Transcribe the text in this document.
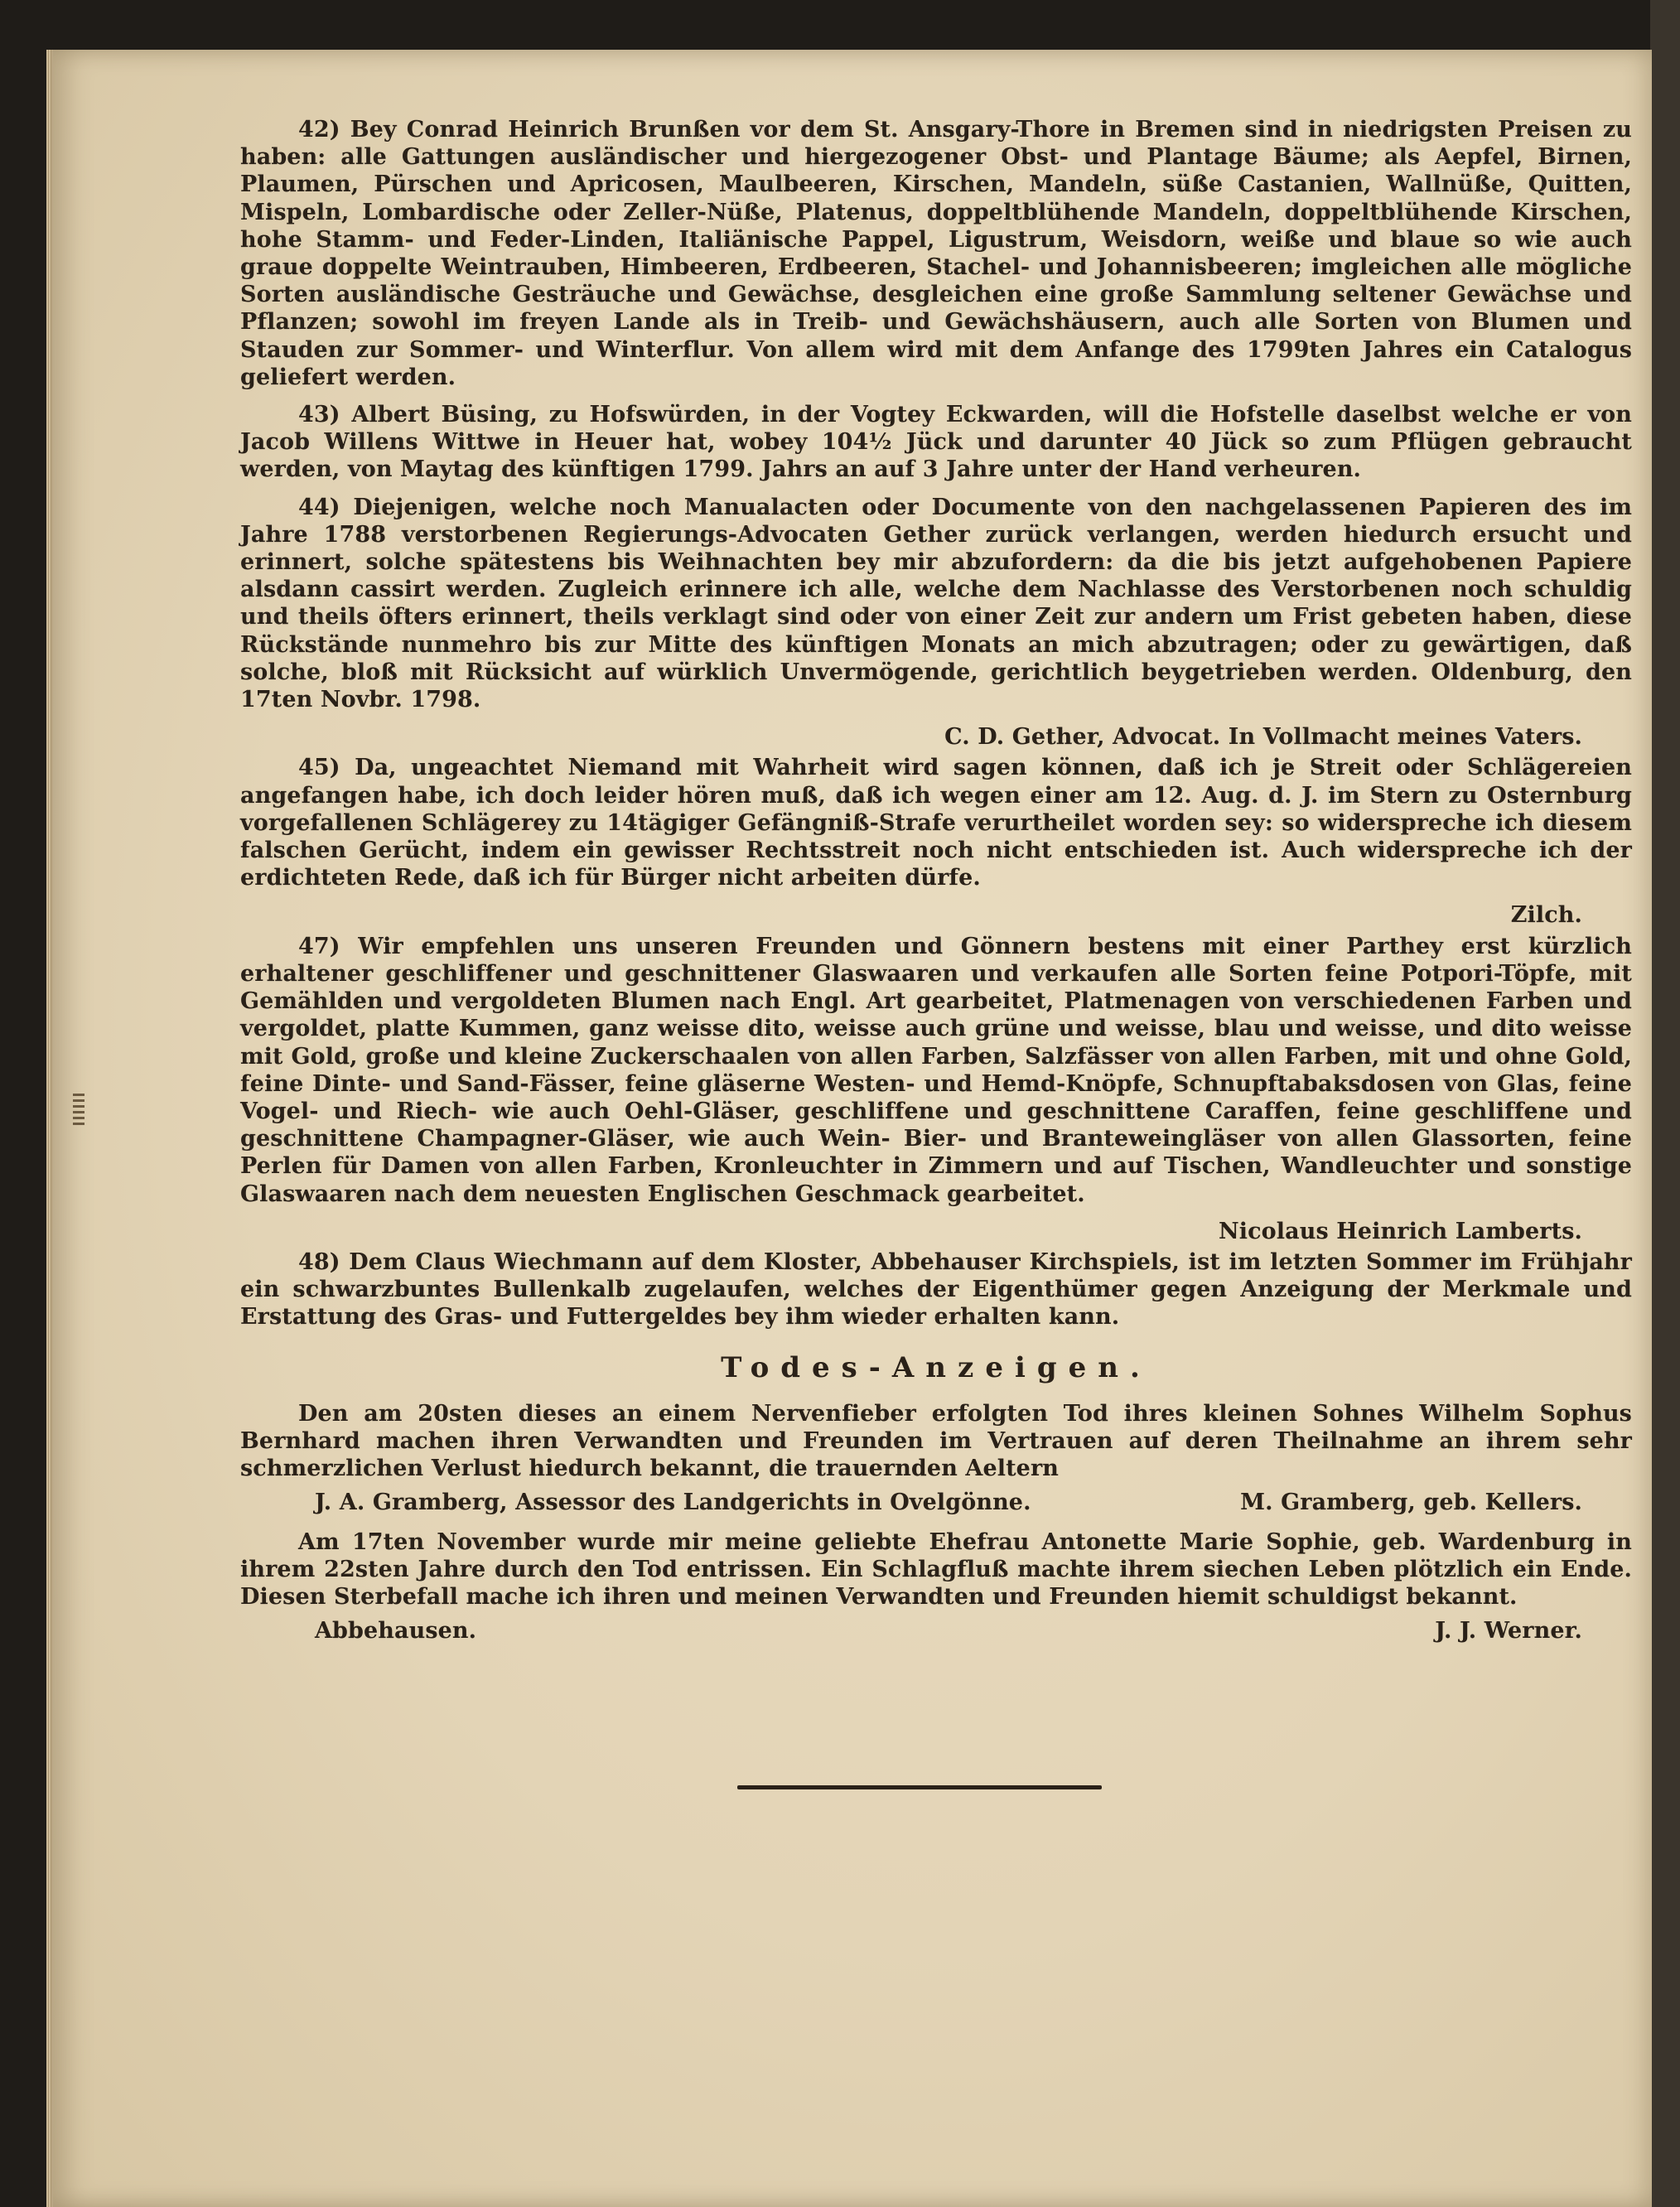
42) Bey Conrad Heinrich Brunßen vor dem St. Ansgary-Thore in Bremen sind in niedrigsten Preisen zu haben: alle Gattungen ausländischer und hiergezogener Obst- und Plantage Bäume; als Aepfel, Birnen, Plaumen, Pürschen und Apricosen, Maulbeeren, Kirschen, Mandeln, süße Castanien, Wallnüße, Quitten, Mispeln, Lombardische oder Zeller-Nüße, Platenus, doppeltblühende Mandeln, doppeltblühende Kirschen, hohe Stamm- und Feder-Linden, Italiänische Pappel, Ligustrum, Weisdorn, weiße und blaue so wie auch graue doppelte Weintrauben, Himbeeren, Erdbeeren, Stachel- und Johannisbeeren; imgleichen alle mögliche Sorten ausländische Gesträuche und Gewächse, desgleichen eine große Sammlung seltener Gewächse und Pflanzen; sowohl im freyen Lande als in Treib- und Gewächshäusern, auch alle Sorten von Blumen und Stauden zur Sommer- und Winterflur. Von allem wird mit dem Anfange des 1799ten Jahres ein Catalogus geliefert werden.

43) Albert Büsing, zu Hofswürden, in der Vogtey Eckwarden, will die Hofstelle daselbst welche er von Jacob Willens Wittwe in Heuer hat, wobey 104½ Jück und darunter 40 Jück so zum Pflügen gebraucht werden, von Maytag des künftigen 1799. Jahrs an auf 3 Jahre unter der Hand verheuren.

44) Diejenigen, welche noch Manualacten oder Documente von den nachgelassenen Papieren des im Jahre 1788 verstorbenen Regierungs-Advocaten Gether zurück verlangen, werden hiedurch ersucht und erinnert, solche spätestens bis Weihnachten bey mir abzufordern: da die bis jetzt aufgehobenen Papiere alsdann cassirt werden. Zugleich erinnere ich alle, welche dem Nachlasse des Verstorbenen noch schuldig und theils öfters erinnert, theils verklagt sind oder von einer Zeit zur andern um Frist gebeten haben, diese Rückstände nunmehro bis zur Mitte des künftigen Monats an mich abzutragen; oder zu gewärtigen, daß solche, bloß mit Rücksicht auf würklich Unvermögende, gerichtlich beygetrieben werden. Oldenburg, den 17ten Novbr. 1798.

C. D. Gether, Advocat. In Vollmacht meines Vaters.

45) Da, ungeachtet Niemand mit Wahrheit wird sagen können, daß ich je Streit oder Schlägereien angefangen habe, ich doch leider hören muß, daß ich wegen einer am 12. Aug. d. J. im Stern zu Osternburg vorgefallenen Schlägerey zu 14tägiger Gefängniß-Strafe verurtheilet worden sey: so widerspreche ich diesem falschen Gerücht, indem ein gewisser Rechtsstreit noch nicht entschieden ist. Auch widerspreche ich der erdichteten Rede, daß ich für Bürger nicht arbeiten dürfe.

Zilch.

47) Wir empfehlen uns unseren Freunden und Gönnern bestens mit einer Parthey erst kürzlich erhaltener geschliffener und geschnittener Glaswaaren und verkaufen alle Sorten feine Potpori-Töpfe, mit Gemählden und vergoldeten Blumen nach Engl. Art gearbeitet, Platmenagen von verschiedenen Farben und vergoldet, platte Kummen, ganz weisse dito, weisse auch grüne und weisse, blau und weisse, und dito weisse mit Gold, große und kleine Zuckerschaalen von allen Farben, Salzfässer von allen Farben, mit und ohne Gold, feine Dinte- und Sand-Fässer, feine gläserne Westen- und Hemd-Knöpfe, Schnupftabaksdosen von Glas, feine Vogel- und Riech- wie auch Oehl-Gläser, geschliffene und geschnittene Caraffen, feine geschliffene und geschnittene Champagner-Gläser, wie auch Wein- Bier- und Branteweingläser von allen Glassorten, feine Perlen für Damen von allen Farben, Kronleuchter in Zimmern und auf Tischen, Wandleuchter und sonstige Glaswaaren nach dem neuesten Englischen Geschmack gearbeitet.

Nicolaus Heinrich Lamberts.

48) Dem Claus Wiechmann auf dem Kloster, Abbehauser Kirchspiels, ist im letzten Sommer im Frühjahr ein schwarzbuntes Bullenkalb zugelaufen, welches der Eigenthümer gegen Anzeigung der Merkmale und Erstattung des Gras- und Futtergeldes bey ihm wieder erhalten kann.

Todes-Anzeigen.

Den am 20sten dieses an einem Nervenfieber erfolgten Tod ihres kleinen Sohnes Wilhelm Sophus Bernhard machen ihren Verwandten und Freunden im Vertrauen auf deren Theilnahme an ihrem sehr schmerzlichen Verlust hiedurch bekannt, die trauernden Aeltern

J. A. Gramberg, Assessor des Landgerichts in Ovelgönne.	M. Gramberg, geb. Kellers.

Am 17ten November wurde mir meine geliebte Ehefrau Antonette Marie Sophie, geb. Wardenburg in ihrem 22sten Jahre durch den Tod entrissen. Ein Schlagfluß machte ihrem siechen Leben plötzlich ein Ende. Diesen Sterbefall mache ich ihren und meinen Verwandten und Freunden hiemit schuldigst bekannt.

Abbehausen.	J. J. Werner.
